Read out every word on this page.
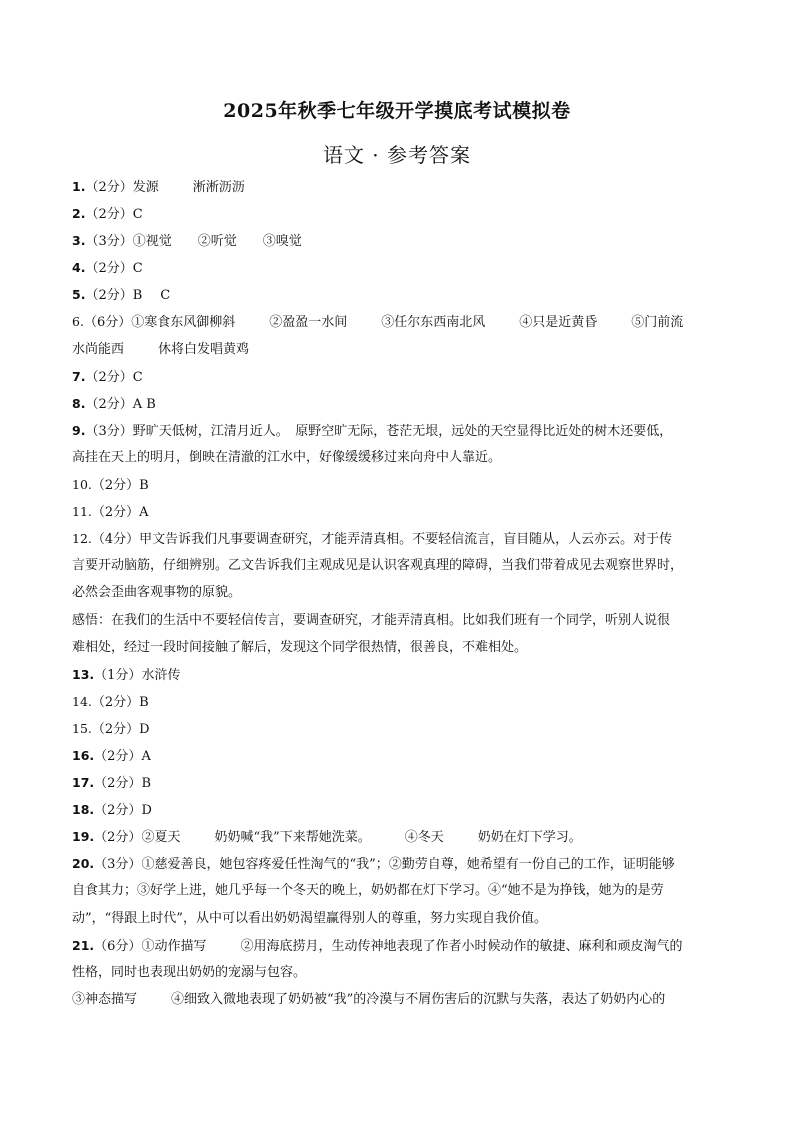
2025年秋季七年级开学摸底考试模拟卷
语文 · 参考答案
1.（2分）发源	淅淅沥沥
2.（2分）C
3.（3分）①视觉 ②听觉 ③嗅觉
4.（2分）C
5.（2分）B C
6.（6分）①寒食东风御柳斜	②盈盈一水间	③任尔东西南北风	④只是近黄昏	⑤门前流
水尚能西	休将白发唱黄鸡
7.（2分）C
8.（2分）A B
9.（3分）野旷天低树，江清月近人。　原野空旷无际，苍茫无垠，远处的天空显得比近处的树木还要低，
高挂在天上的明月，倒映在清澈的江水中，好像缓缓移过来向舟中人靠近。
10.（2分）B
11.（2分）A
12.（4分）甲文告诉我们凡事要调查研究，才能弄清真相。不要轻信流言，盲目随从，人云亦云。对于传
言要开动脑筋，仔细辨别。乙文告诉我们主观成见是认识客观真理的障碍，当我们带着成见去观察世界时，
必然会歪曲客观事物的原貌。
感悟：在我们的生活中不要轻信传言，要调查研究，才能弄清真相。比如我们班有一个同学，听别人说很
难相处，经过一段时间接触了解后，发现这个同学很热情，很善良，不难相处。
13.（1分）水浒传
14.（2分）B
15.（2分）D
16.（2分）A
17.（2分）B
18.（2分）D
19.（2分）②夏天	奶奶喊“我”下来帮她洗菜。	④冬天	奶奶在灯下学习。
20.（3分）①慈爱善良，她包容疼爱任性淘气的“我”；②勤劳自尊，她希望有一份自己的工作，证明能够
自食其力；③好学上进，她几乎每一个冬天的晚上，奶奶都在灯下学习。④“她不是为挣钱，她为的是劳
动”，“得跟上时代”，从中可以看出奶奶渴望赢得别人的尊重，努力实现自我价值。
21.（6分）①动作描写	②用海底捞月，生动传神地表现了作者小时候动作的敏捷、麻利和顽皮淘气的
性格，同时也表现出奶奶的宠溺与包容。
③神态描写	④细致入微地表现了奶奶被“我”的冷漠与不屑伤害后的沉默与失落，表达了奶奶内心的
